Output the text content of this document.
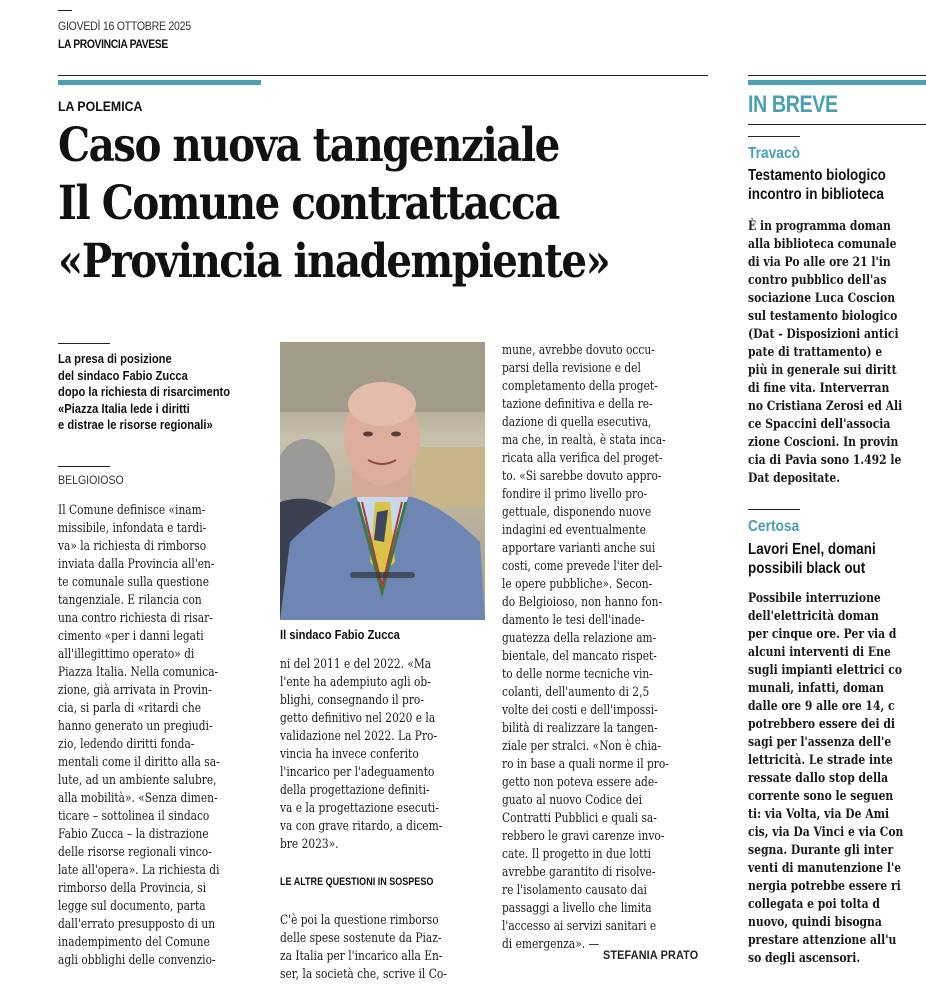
GIOVEDÌ 16 OTTOBRE 2025
LA PROVINCIA PAVESE
LA POLEMICA
Caso nuova tangenziale
Il Comune contrattacca
«Provincia inadempiente»
La presa di posizione
del sindaco Fabio Zucca
dopo la richiesta di risarcimento
«Piazza Italia lede i diritti
e distrae le risorse regionali»
BELGIOIOSO
Il Comune definisce «inam-
missibile, infondata e tardi-
va» la richiesta di rimborso
inviata dalla Provincia all'en-
te comunale sulla questione
tangenziale. E rilancia con
una contro richiesta di risar-
cimento «per i danni legati
all'illegittimo operato» di
Piazza Italia. Nella comunica-
zione, già arrivata in Provin-
cia, si parla di «ritardi che
hanno generato un pregiudi-
zio, ledendo diritti fonda-
mentali come il diritto alla sa-
lute, ad un ambiente salubre,
alla mobilità». «Senza dimen-
ticare – sottolinea il sindaco
Fabio Zucca – la distrazione
delle risorse regionali vinco-
late all'opera». La richiesta di
rimborso della Provincia, si
legge sul documento, parta
dall'errato presupposto di un
inadempimento del Comune
agli obblighi delle convenzio-
Il sindaco Fabio Zucca
ni del 2011 e del 2022. «Ma
l'ente ha adempiuto agli ob-
blighi, consegnando il pro-
getto definitivo nel 2020 e la
validazione nel 2022. La Pro-
vincia ha invece conferito
l'incarico per l'adeguamento
della progettazione definiti-
va e la progettazione esecuti-
va con grave ritardo, a dicem-
bre 2023».
LE ALTRE QUESTIONI IN SOSPESO
C'è poi la questione rimborso
delle spese sostenute da Piaz-
za Italia per l'incarico alla En-
ser, la società che, scrive il Co-
mune, avrebbe dovuto occu-
parsi della revisione e del
completamento della proget-
tazione definitiva e della re-
dazione di quella esecutiva,
ma che, in realtà, è stata inca-
ricata alla verifica del proget-
to. «Si sarebbe dovuto appro-
fondire il primo livello pro-
gettuale, disponendo nuove
indagini ed eventualmente
apportare varianti anche sui
costi, come prevede l'iter del-
le opere pubbliche». Secon-
do Belgioioso, non hanno fon-
damento le tesi dell'inade-
guatezza della relazione am-
bientale, del mancato rispet-
to delle norme tecniche vin-
colanti, dell'aumento di 2,5
volte dei costi e dell'impossi-
bilità di realizzare la tangen-
ziale per stralci. «Non è chia-
ro in base a quali norme il pro-
getto non poteva essere ade-
guato al nuovo Codice dei
Contratti Pubblici e quali sa-
rebbero le gravi carenze invo-
cate. Il progetto in due lotti
avrebbe garantito di risolve-
re l'isolamento causato dai
passaggi a livello che limita
l'accesso ai servizi sanitari e
di emergenza». —
STEFANIA PRATO
IN BREVE
Travacò
Testamento biologico
incontro in biblioteca
È in programma doman
alla biblioteca comunale
di via Po alle ore 21 l'in
contro pubblico dell'as
sociazione Luca Coscion
sul testamento biologico
(Dat - Disposizioni antici
pate di trattamento) e
più in generale sui diritt
di fine vita. Interverran
no Cristiana Zerosi ed Ali
ce Spaccini dell'associa
zione Coscioni. In provin
cia di Pavia sono 1.492 le
Dat depositate.
Certosa
Lavori Enel, domani
possibili black out
Possibile interruzione
dell'elettricità doman
per cinque ore. Per via d
alcuni interventi di Ene
sugli impianti elettrici co
munali, infatti, doman
dalle ore 9 alle ore 14, c
potrebbero essere dei di
sagi per l'assenza dell'e
lettricità. Le strade inte
ressate dallo stop della
corrente sono le seguen
ti: via Volta, via De Ami
cis, via Da Vinci e via Con
segna. Durante gli inter
venti di manutenzione l'e
nergia potrebbe essere ri
collegata e poi tolta d
nuovo, quindi bisogna
prestare attenzione all'u
so degli ascensori.
